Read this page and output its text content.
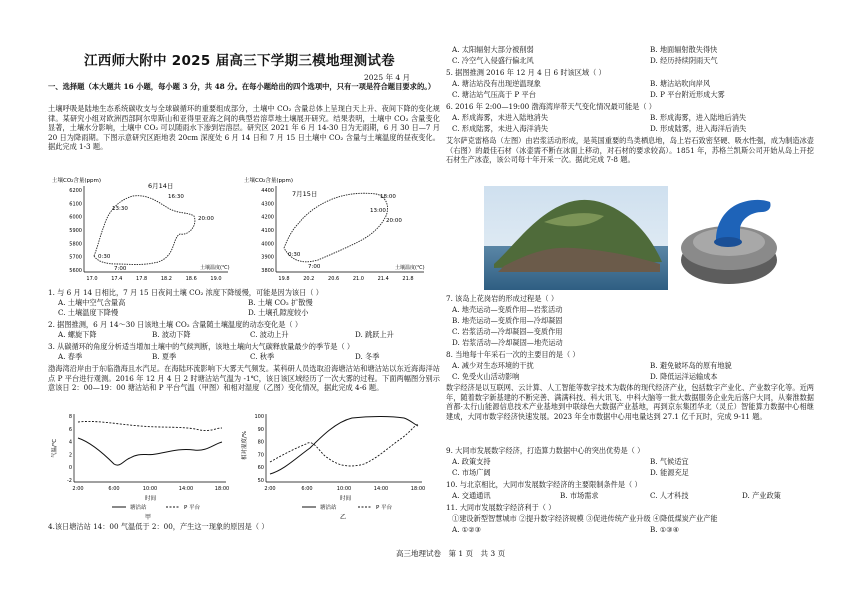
江西师大附中 2025 届高三下学期三模地理测试卷
2025 年 4 月
一、选择题（本大题共 16 小题，每小题 3 分，共 48 分。在每小题给出的四个选项中，只有一项是符合题目要求的。）
土壤呼吸是陆地生态系统碳收支与全球碳循环的重要组成部分，土壤中 CO₂ 含量总体上呈现白天上升、夜间下降的变化规律。某研究小组对欧洲西部阿尔卑斯山和亚得里亚海之间的典型岩溶草地土壤展开研究。结果表明，土壤中 CO₂ 含量变化显著，土壤水分影响，土壤中 CO₂ 可以随雨水下渗到岩溶层。研究区 2021 年 6 月 14-30 日为无雨期，6 月 30 日—7 月 20 日为降雨期。下图示意研究区距地表 20cm 深度处 6 月 14 日和 7 月 15 日土壤中 CO₂ 含量与土壤温度的昼夜变化。据此完成 1-3 题。
土壤CO₂含量(ppm)
6月14日
6200
6100
6000
5900
5800
5700
5600
17.0	17.4	17.8	18.2	18.6	19.0
0:30
7:00
13:30
16:30
20:00
土壤温度(℃)
土壤CO₂含量(ppm)
7月15日
4400
4300
4200
4100
4000
3900
3800
19.8	20.2	20.6	21.0	21.4	21.8
0:30
7:00
13:00
18:00
20:00
土壤温度(℃)
1. 与 6 月 14 日相比，7 月 15 日夜间土壤 CO₂ 浓度下降缓慢，可能是因为该日（ ）
A. 土壤中空气含量高	B. 土壤 CO₂ 扩散慢
C. 土壤温度下降慢	D. 土壤孔隙度较小
2. 据图推测，6 月 14～30 日该地土壤 CO₂ 含量随土壤温度的动态变化是（ ）
A. 螺旋下降	B. 波动下降	C. 波动上升	D. 跳跃上升
3. 从碳循环的角度分析适当增加土壤中的气候判断，该地土壤向大气碳释放量最少的季节是（ ）
A. 春季	B. 夏季	C. 秋季	D. 冬季
渤海湾沿岸由于东临渤海且水汽足。在海陆环流影响下大雾天气频发。某科研人员选取沿海塘沽站和塘沽站以东近海海洋站点 P 平台进行观测。2016 年 12 月 4 日 2 时塘沽站气温为 -1℃，该日该区域经历了一次大雾的过程。下面两幅图分别示意该日 2：00—19：00 塘沽站和 P 平台气温（甲图）和相对湿度（乙图）变化情况，据此完成 4-6 题。
气温/℃
8
6
4
2
0
-2
2:00	6:00	10:00	14:00	18:00
时间
塘沽站	P 平台
甲
相对湿度/%
100
90
80
70
60
50
2:00	6:00	10:00	14:00	18:00
时间
塘沽站	P 平台
乙
4.该日塘沽站 14：00 气温低于 2：00，产生这一现象的原因是（ ）
A. 太阳辐射大部分被削弱	B. 地面辐射散失得快
C. 冷空气入侵盛行偏北风	D. 经历持续阴雨天气
5. 据图推测 2016 年 12 月 4 日 6 时该区域（ ）
A. 塘沽站没有出现逆温现象	B. 塘沽站吹向岸风
C. 塘沽站气压高于 P 平台	D. P 平台附近形成大雾
6. 2016 年 2:00—19:00 渤海湾岸带天气变化情况最可能是（ ）
A. 形成海雾，未进入陆地消失	B. 形成海雾，进入陆地后消失
C. 形成陆雾，未进入海洋消失	D. 形成陆雾，进入海洋后消失
艾尔萨克雷格岛（左图）由岩浆活动形成，是英国重要的鸟类栖息地，岛上岩石致密坚硬、吸水性强，成为制造冰壶（右图）的最佳石材（冰壶需不断在冰面上移动，对石材的要求较高）。1851 年，苏格兰凯斯公司开始从岛上开挖石材生产冰壶，该公司每十年开采一次。据此完成 7-8 题。
7. 该岛上花岗岩的形成过程是（ ）
A. 地壳运动—变质作用—岩浆活动
B. 地壳运动—变质作用—冷却凝固
C. 岩浆活动—冷却凝固—变质作用
D. 岩浆活动—冷却凝固—地壳运动
8. 当地每十年采石一次的主要目的是（ ）
A. 减少对生态环境的干扰	B. 避免破坏岛的原有地貌
C. 免受火山活动影响	D. 降低运洋运输成本
数字经济是以互联网、云计算、人工智能等数字技术为载体的现代经济产业，包括数字产业化、产业数字化等。近两年，随着数字新基建的不断完善、满满科技、科大讯飞、中科大脑等一批大数据服务企业先后落户大同，从秦淮数据首都·太行山能源信息技术产业基地到中联绿色大数据产业基地，再到京东集团华北（灵丘）智能算力数据中心相继建成，大同市数字经济快速发展。2023 年全市数据中心用电量达到 27.1 亿千瓦时，完成 9-11 题。
9. 大同市发展数字经济，打造算力数据中心的突出优势是（ ）
A. 政策支持	B. 气候适宜
C. 市场广阔	D. 能源充足
10. 与北京相比，大同市发展数字经济的主要限制条件是（ ）
A. 交通通讯	B. 市场需求	C. 人才科技	D. 产业政策
11. 大同市发展数字经济利于（ ）
①建设新型智慧城市 ②提升数字经济规模 ③促进传统产业升级 ④降低煤炭产业产能
A. ①②③	B. ①③④
高三地理试卷　第 1 页　共 3 页
